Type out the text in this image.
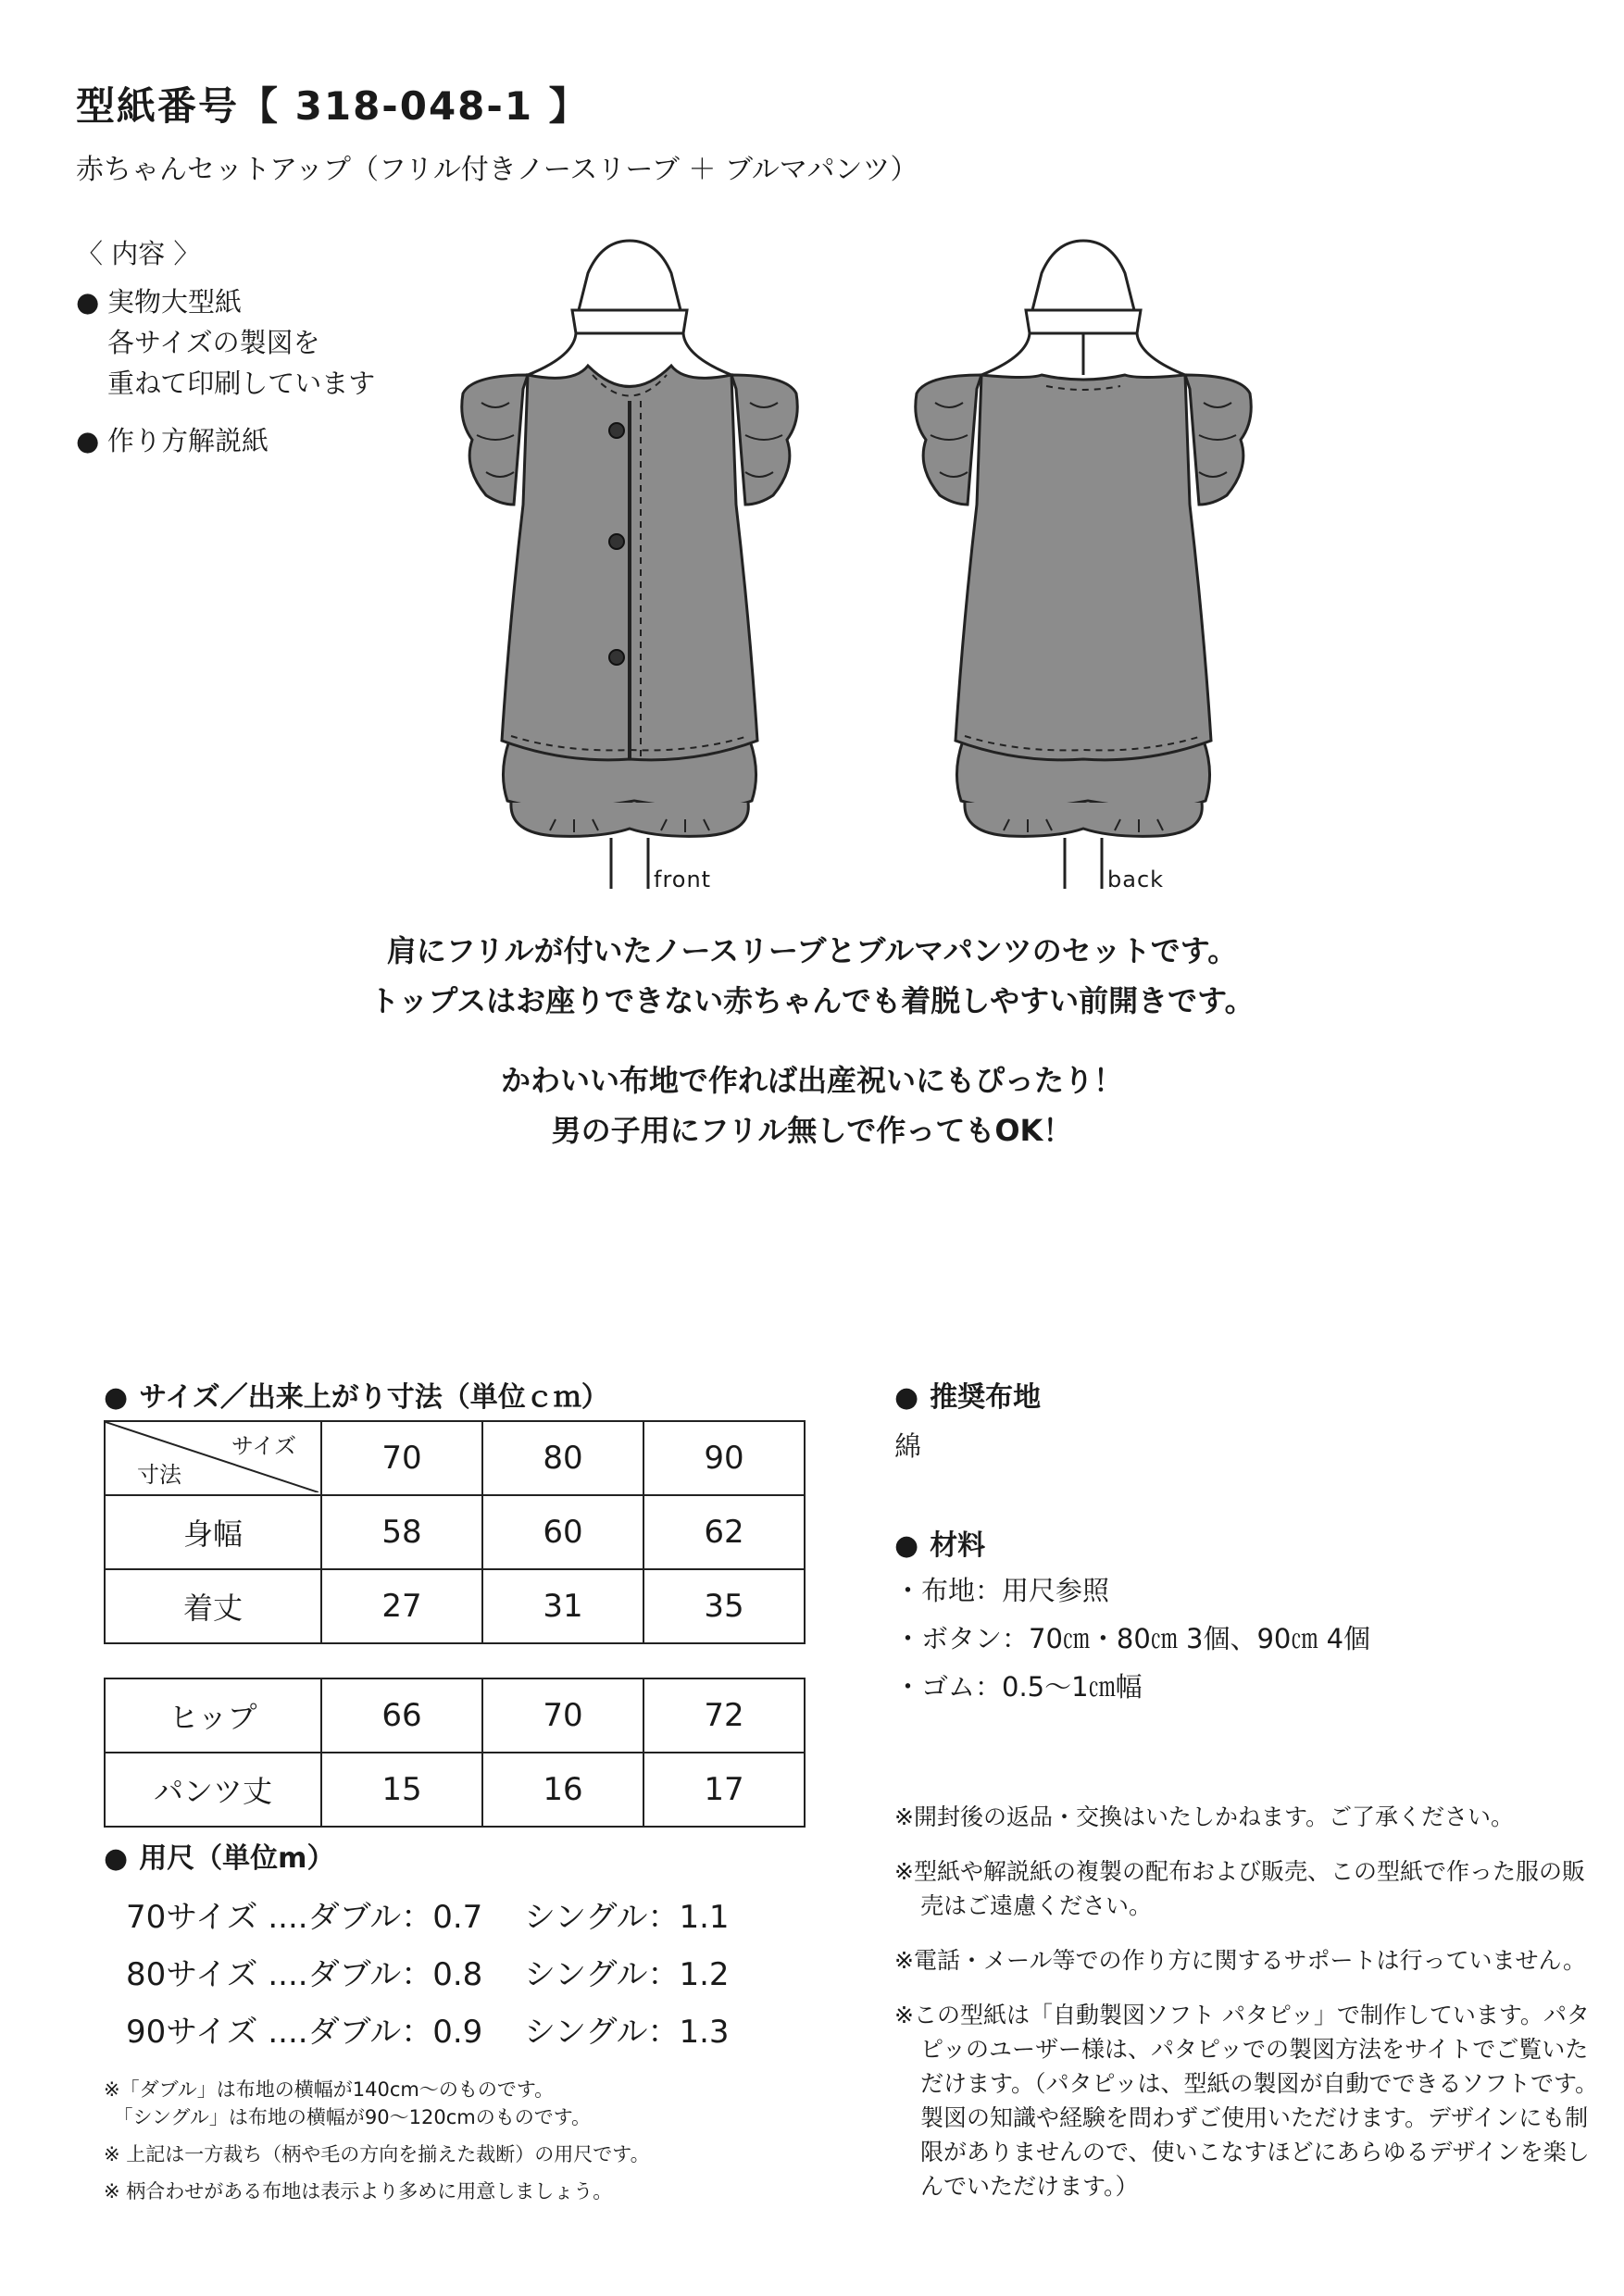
型紙番号【 318-048-1 】
赤ちゃんセットアップ（フリル付きノースリーブ ＋ ブルマパンツ）
〈 内容 〉
● 実物大型紙
各サイズの製図を
重ねて印刷しています
● 作り方解説紙
front	back
肩にフリルが付いたノースリーブとブルマパンツのセットです。
トップスはお座りできない赤ちゃんでも着脱しやすい前開きです。
かわいい布地で作れば出産祝いにもぴったり！
男の子用にフリル無しで作ってもOK！
● サイズ／出来上がり寸法（単位ｃｍ）
サイズ
寸法	70	80	90
身幅	58	60	62
着丈	27	31	35
ヒップ	66	70	72
パンツ丈	15	16	17
● 用尺（単位m）
70サイズ ....ダブル：0.7 シングル：1.1
80サイズ ....ダブル：0.8 シングル：1.2
90サイズ ....ダブル：0.9 シングル：1.3
※「ダブル」は布地の横幅が140cm〜のものです。
　「シングル」は布地の横幅が90〜120cmのものです。
※ 上記は一方裁ち（柄や毛の方向を揃えた裁断）の用尺です。
※ 柄合わせがある布地は表示より多めに用意しましょう。
● 推奨布地
綿
● 材料
・布地：用尺参照
・ボタン：70㎝・80㎝ 3個、90㎝ 4個
・ゴム：0.5〜1㎝幅

※開封後の返品・交換はいたしかねます。ご了承ください。

※型紙や解説紙の複製の配布および販売、この型紙で作った服の販売はご遠慮ください。

※電話・メール等での作り方に関するサポートは行っていません。

※この型紙は「自動製図ソフト パタピッ」で制作しています。パタピッのユーザー様は、パタピッでの製図方法をサイトでご覧いただけます。（パタピッは、型紙の製図が自動でできるソフトです。製図の知識や経験を問わずご使用いただけます。デザインにも制限がありませんので、使いこなすほどにあらゆるデザインを楽しんでいただけます。）
